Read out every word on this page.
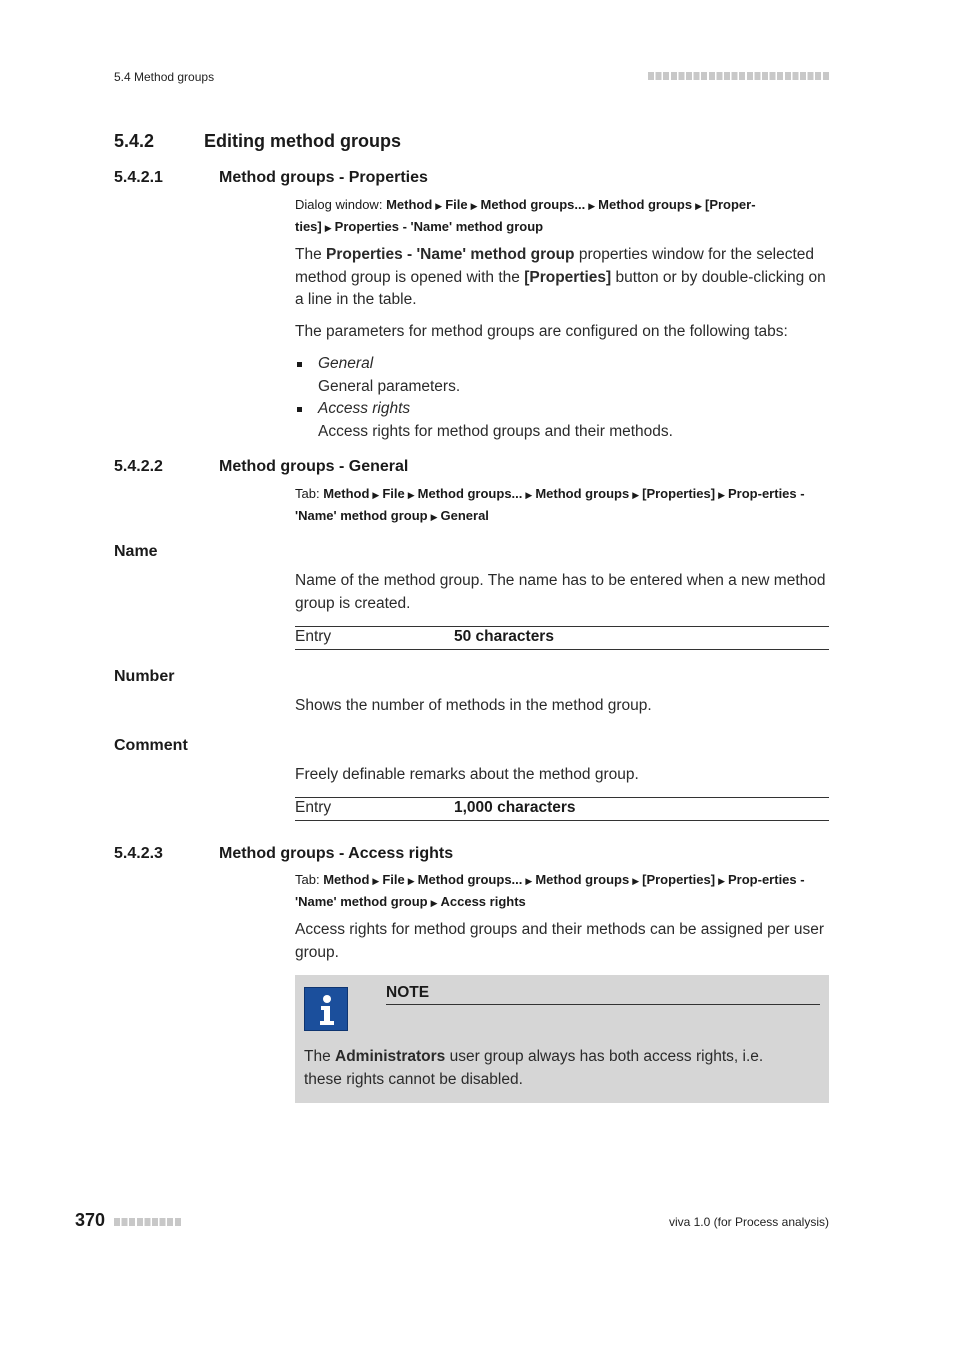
5.4 Method groups
5.4.2	Editing method groups
5.4.2.1	Method groups - Properties
Dialog window: Method ▶ File ▶ Method groups... ▶ Method groups ▶ [Proper-ties] ▶ Properties - 'Name' method group
The Properties - 'Name' method group properties window for the selected method group is opened with the [Properties] button or by double-clicking on a line in the table.
The parameters for method groups are configured on the following tabs:
General
General parameters.
Access rights
Access rights for method groups and their methods.
5.4.2.2	Method groups - General
Tab: Method ▶ File ▶ Method groups... ▶ Method groups ▶ [Properties] ▶ Prop-erties - 'Name' method group ▶ General
Name
Name of the method group. The name has to be entered when a new method group is created.
Entry	50 characters
Number
Shows the number of methods in the method group.
Comment
Freely definable remarks about the method group.
Entry	1,000 characters
5.4.2.3	Method groups - Access rights
Tab: Method ▶ File ▶ Method groups... ▶ Method groups ▶ [Properties] ▶ Prop-erties - 'Name' method group ▶ Access rights
Access rights for method groups and their methods can be assigned per user group.
NOTE
The Administrators user group always has both access rights, i.e. these rights cannot be disabled.
370	viva 1.0 (for Process analysis)
